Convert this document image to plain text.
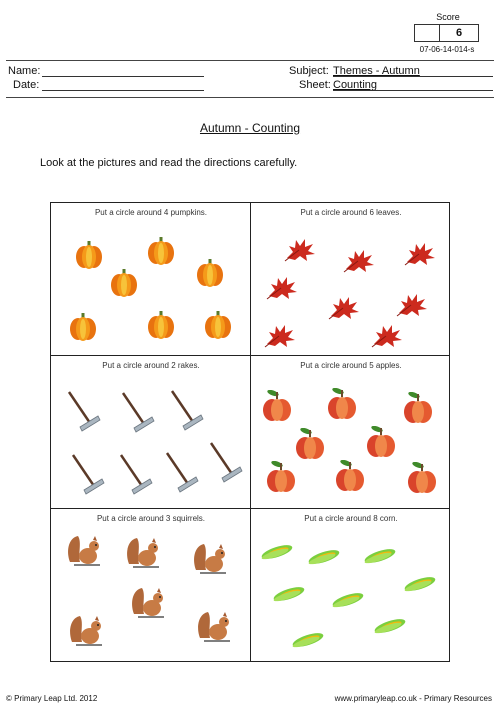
Score
6
07-06-14-014-s
Name:
Date:
Subject: Themes - Autumn
Sheet: Counting
Autumn - Counting
Look at the pictures and read the directions carefully.
Put a circle around 4 pumpkins.	Put a circle around 6 leaves.
Put a circle around 2 rakes.	Put a circle around 5 apples.
Put a circle around 3 squirrels.	Put a circle around 8 corn.
© Primary Leap Ltd. 2012	www.primaryleap.co.uk - Primary Resources
